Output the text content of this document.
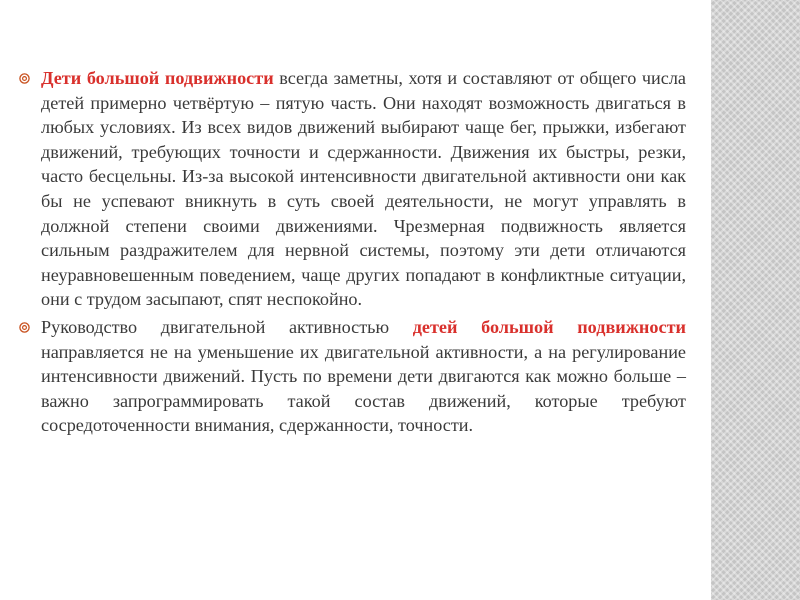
Дети большой подвижности всегда заметны, хотя и составляют от общего числа детей примерно четвёртую – пятую часть. Они находят возможность двигаться в любых условиях. Из всех видов движений выбирают чаще бег, прыжки, избегают движений, требующих точности и сдержанности. Движения их быстры, резки, часто бесцельны. Из-за высокой интенсивности двигательной активности они как бы не успевают вникнуть в суть своей деятельности, не могут управлять в должной степени своими движениями. Чрезмерная подвижность является сильным раздражителем для нервной системы, поэтому эти дети отличаются неуравновешенным поведением, чаще других попадают в конфликтные ситуации, они с трудом засыпают, спят неспокойно.

Руководство двигательной активностью детей большой подвижности направляется не на уменьшение их двигательной активности, а на регулирование интенсивности движений. Пусть по времени дети двигаются как можно больше – важно запрограммировать такой состав движений, которые требуют сосредоточенности внимания, сдержанности, точности.
